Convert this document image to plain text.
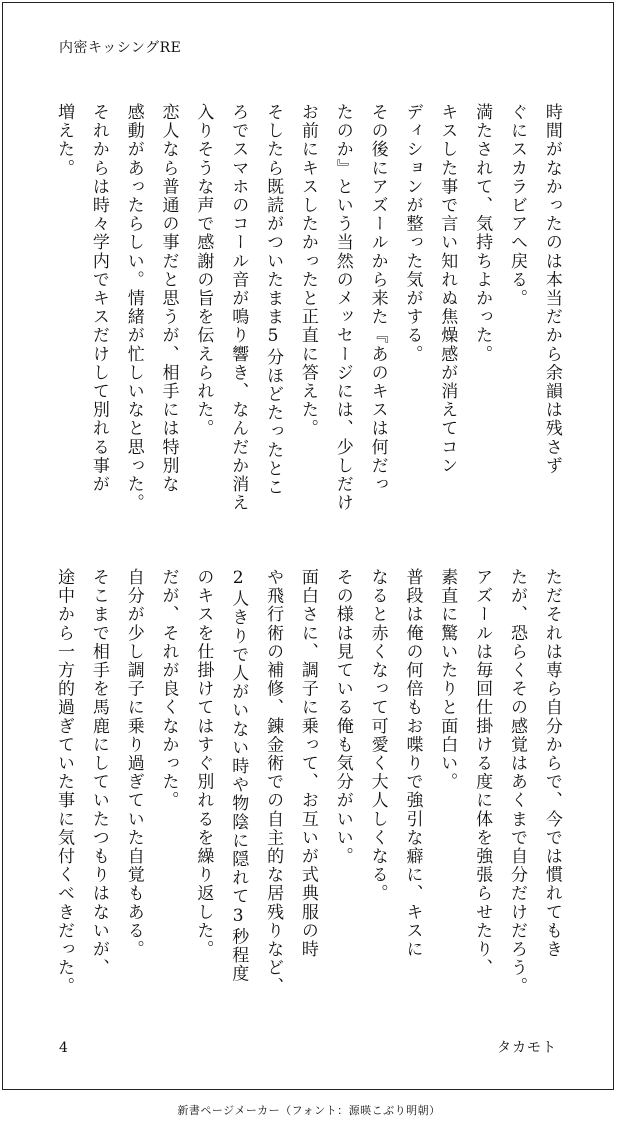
内密キッシングRE
時間がなかったのは本当だから余韻は残さず
ぐにスカラビアへ戻る。
満たされて、気持ちよかった。
キスした事で言い知れぬ焦燥感が消えてコン
ディションが整った気がする。
その後にアズールから来た『あのキスは何だっ
たのか』という当然のメッセージには、少しだけ
お前にキスしたかったと正直に答えた。
そしたら既読がついたまま5分ほどたったとこ
ろでスマホのコール音が鳴り響き、なんだか消え
入りそうな声で感謝の旨を伝えられた。
恋人なら普通の事だと思うが、相手には特別な
感動があったらしい。情緒が忙しいなと思った。
それからは時々学内でキスだけして別れる事が
増えた。
ただそれは専ら自分からで、今では慣れてもき
たが、恐らくその感覚はあくまで自分だけだろう。
アズールは毎回仕掛ける度に体を強張らせたり、
素直に驚いたりと面白い。
普段は俺の何倍もお喋りで強引な癖に、キスに
なると赤くなって可愛く大人しくなる。
その様は見ている俺も気分がいい。
面白さに、調子に乗って、お互いが式典服の時
や飛行術の補修、錬金術での自主的な居残りなど、
2人きりで人がいない時や物陰に隠れて3秒程度
のキスを仕掛けてはすぐ別れるを繰り返した。
だが、それが良くなかった。
自分が少し調子に乗り過ぎていた自覚もある。
そこまで相手を馬鹿にしていたつもりはないが、
途中から一方的過ぎていた事に気付くべきだった。
4	タカモト
新書ページメーカー（フォント：源暎こぶり明朝）
